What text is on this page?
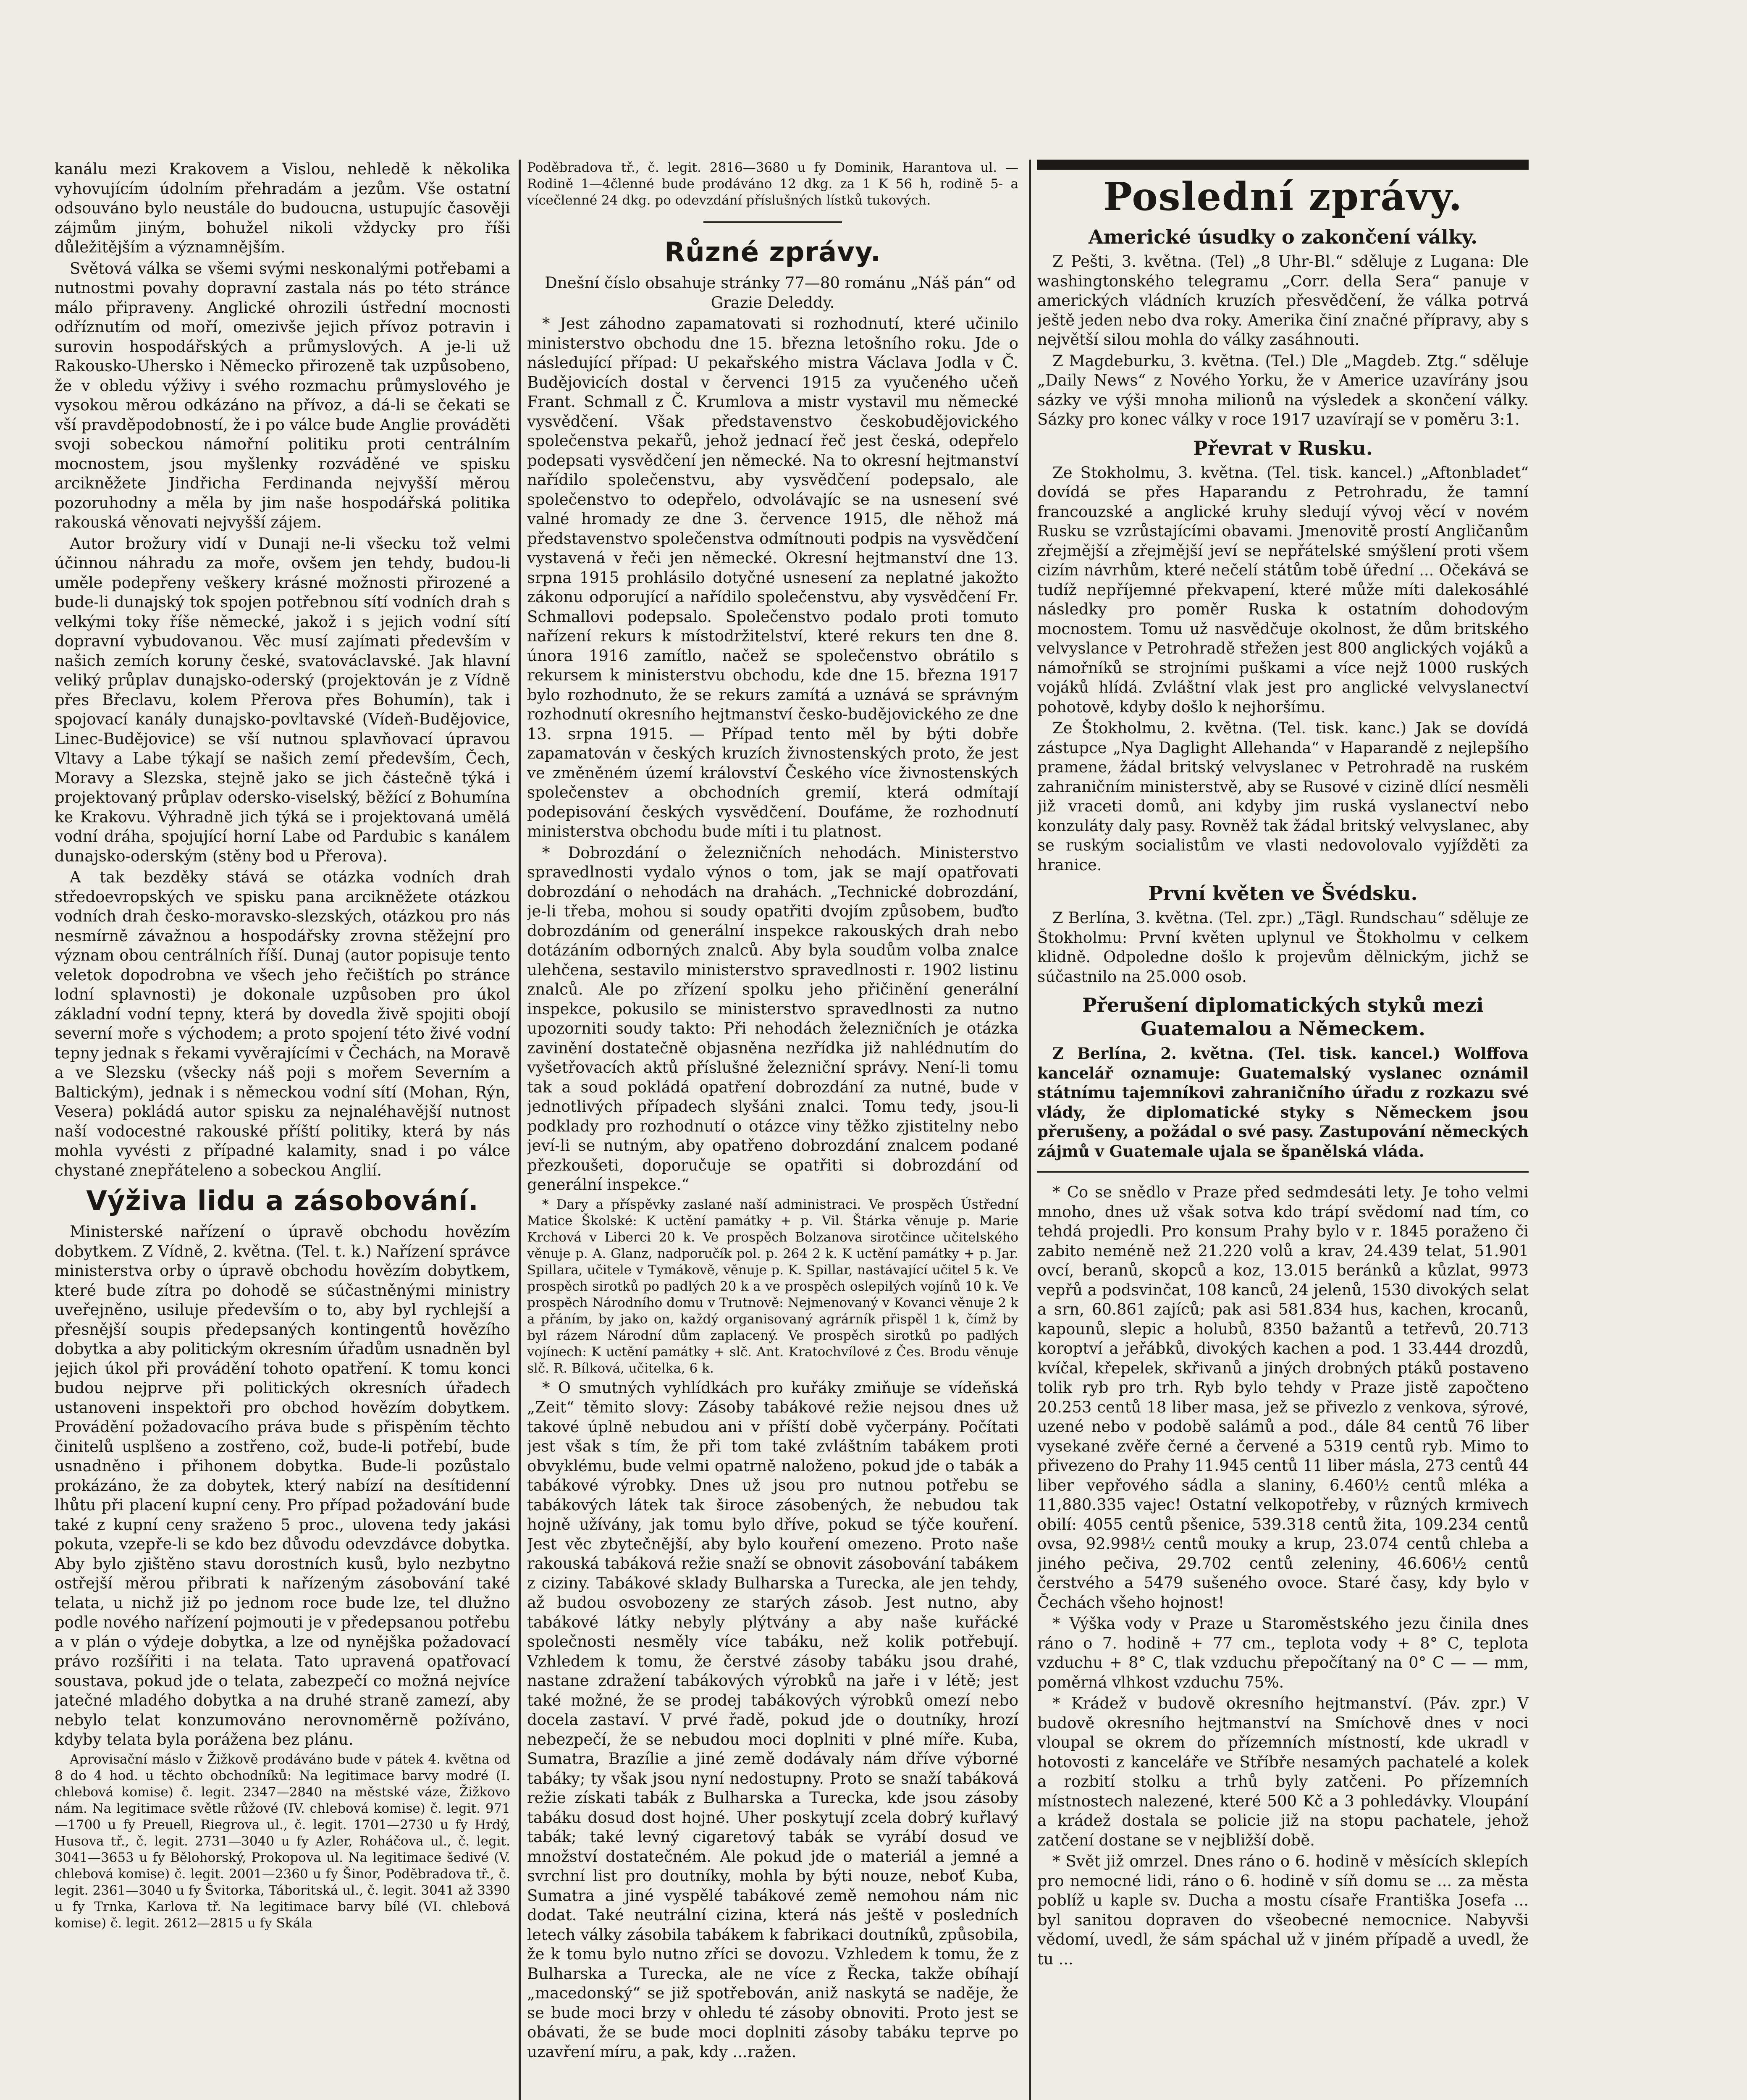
kanálu mezi Krakovem a Vislou, nehledě k několika vyhovujícím údolním přehradám a jezům. Vše ostatní odsouváno bylo neustále do budoucna, ustupujíc časověji zájmům jiným, bohužel nikoli vždycky pro říši důležitějším a významnějším.

Světová válka se všemi svými neskonalými potřebami a nutnostmi povahy dopravní zastala nás po této stránce málo připraveny. Anglické ohrozili ústřední mocnosti odříznutím od moří, omezivše jejich přívoz potravin i surovin hospodářských a průmyslových. A je-li už Rakousko-Uhersko i Německo přirozeně tak uzpůsobeno, že v obledu výživy i svého rozmachu průmyslového je vysokou měrou odkázáno na přívoz, a dá-li se čekati se vší pravděpodobností, že i po válce bude Anglie prováděti svoji sobeckou námořní politiku proti centrálním mocnostem, jsou myšlenky rozváděné ve spisku arcikněžete Jindřicha Ferdinanda nejvyšší měrou pozoruhodny a měla by jim naše hospodářská politika rakouská věnovati nejvyšší zájem.

Autor brožury vidí v Dunaji ne-li všecku tož velmi účinnou náhradu za moře, ovšem jen tehdy, budou-li uměle podepřeny veškery krásné možnosti přirozené a bude-li dunajský tok spojen potřebnou sítí vodních drah s velkými toky říše německé, jakož i s jejich vodní sítí dopravní vybudovanou. Věc musí zajímati především v našich zemích koruny české, svatováclavské. Jak hlavní veliký průplav dunajsko-oderský (projektován je z Vídně přes Břeclavu, kolem Přerova přes Bohumín), tak i spojovací kanály dunajsko-povltavské (Vídeň-Budějovice, Linec-Budějovice) se vší nutnou splavňovací úpravou Vltavy a Labe týkají se našich zemí především, Čech, Moravy a Slezska, stejně jako se jich částečně týká i projektovaný průplav odersko-viselský, běžící z Bohumína ke Krakovu. Výhradně jich týká se i projektovaná umělá vodní dráha, spojující horní Labe od Pardubic s kanálem dunajsko-oderským (stěny bod u Přerova).

A tak bezděky stává se otázka vodních drah středoevropských ve spisku pana arcikněžete otázkou vodních drah česko-moravsko-slezských, otázkou pro nás nesmírně závažnou a hospodářsky zrovna stěžejní pro význam obou centrálních říší. Dunaj (autor popisuje tento veletok dopodrobna ve všech jeho řečištích po stránce lodní splavnosti) je dokonale uzpůsoben pro úkol základní vodní tepny, která by dovedla živě spojiti obojí severní moře s východem; a proto spojení této živé vodní tepny jednak s řekami vyvěrajícími v Čechách, na Moravě a ve Slezsku (všecky náš poji s mořem Severním a Baltickým), jednak i s německou vodní sítí (Mohan, Rýn, Vesera) pokládá autor spisku za nejnaléhavější nutnost naší vodocestné rakouské příští politiky, která by nás mohla vyvésti z případné kalamity, snad i po válce chystané znepřáteleno a sobeckou Anglií.

Výživa lidu a zásobování.

Ministerské nařízení o úpravě obchodu hovězím dobytkem. Z Vídně, 2. května. (Tel. t. k.) Nařízení správce ministerstva orby o úpravě obchodu hovězím dobytkem, které bude zítra po dohodě se súčastněnými ministry uveřejněno, usiluje především o to, aby byl rychlejší a přesnější soupis předepsaných kontingentů hovězího dobytka a aby politickým okresním úřadům usnadněn byl jejich úkol při provádění tohoto opatření. K tomu konci budou nejprve při politických okresních úřadech ustanoveni inspektoři pro obchod hovězím dobytkem. Provádění požadovacího práva bude s přispěním těchto činitelů usplšeno a zostřeno, což, bude-li potřebí, bude usnadněno i přihonem dobytka. Bude-li pozůstalo prokázáno, že za dobytek, který nabízí na desítidenní lhůtu při placení kupní ceny. Pro případ požadování bude také z kupní ceny sraženo 5 proc., ulovena tedy jakási pokuta, vzepře-li se kdo bez důvodu odevzdávce dobytka. Aby bylo zjištěno stavu dorostních kusů, bylo nezbytno ostřejší měrou přibrati k nařízeným zásobování také telata, u nichž již po jednom roce bude lze, tel dlužno podle nového nařízení pojmouti je v předepsanou potřebu a v plán o výdeje dobytka, a lze od nynějška požadovací právo rozšířiti i na telata. Tato upravená opatřovací soustava, pokud jde o telata, zabezpečí co možná nejvíce jatečné mladého dobytka a na druhé straně zamezí, aby nebylo telat konzumováno nerovnoměrně požíváno, kdyby telata byla porážena bez plánu.

Aprovisační máslo v Žižkově prodáváno bude v pátek 4. května od 8 do 4 hod. u těchto obchodníků: Na legitimace barvy modré (I. chlebová komise) č. legit. 2347—2840 na městské váze, Žižkovo nám. Na legitimace světle růžové (IV. chlebová komise) č. legit. 971—1700 u fy Preuell, Riegrova ul., č. legit. 1701—2730 u fy Hrdý, Husova tř., č. legit. 2731—3040 u fy Azler, Roháčova ul., č. legit. 3041—3653 u fy Bělohorský, Prokopova ul. Na legitimace šedivé (V. chlebová komise) č. legit. 2001—2360 u fy Šinor, Poděbradova tř., č. legit. 2361—3040 u fy Švitorka, Táboritská ul., č. legit. 3041 až 3390 u fy Trnka, Karlova tř. Na legitimace barvy bílé (VI. chlebová komise) č. legit. 2612—2815 u fy Skála

Poděbradova tř., č. legit. 2816—3680 u fy Dominik, Harantova ul. — Rodině 1—4členné bude prodáváno 12 dkg. za 1 K 56 h, rodině 5- a vícečlenné 24 dkg. po odevzdání příslušných lístků tukových.

Různé zprávy.

Dnešní číslo obsahuje stránky 77—80 románu „Náš pán“ od Grazie Deleddy.

* Jest záhodno zapamatovati si rozhodnutí, které učinilo ministerstvo obchodu dne 15. března letošního roku. Jde o následující případ: U pekařského mistra Václava Jodla v Č. Budějovicích dostal v červenci 1915 za vyučeného učeň Frant. Schmall z Č. Krumlova a mistr vystavil mu německé vysvědčení. Však představenstvo českobudějovického společenstva pekařů, jehož jednací řeč jest česká, odepřelo podepsati vysvědčení jen německé. Na to okresní hejtmanství nařídilo společenstvu, aby vysvědčení podepsalo, ale společenstvo to odepřelo, odvolávajíc se na usnesení své valné hromady ze dne 3. července 1915, dle něhož má představenstvo společenstva odmítnouti podpis na vysvědčení vystavená v řeči jen německé. Okresní hejtmanství dne 13. srpna 1915 prohlásilo dotyčné usnesení za neplatné jakožto zákonu odporující a nařídilo společenstvu, aby vysvědčení Fr. Schmallovi podepsalo. Společenstvo podalo proti tomuto nařízení rekurs k místodržitelství, které rekurs ten dne 8. února 1916 zamítlo, načež se společenstvo obrátilo s rekursem k ministerstvu obchodu, kde dne 15. března 1917 bylo rozhodnuto, že se rekurs zamítá a uznává se správným rozhodnutí okresního hejtmanství česko-budějovického ze dne 13. srpna 1915. — Případ tento měl by býti dobře zapamatován v českých kruzích živnostenských proto, že jest ve změněném území království Českého více živnostenských společenstev a obchodních gremií, která odmítají podepisování českých vysvědčení. Doufáme, že rozhodnutí ministerstva obchodu bude míti i tu platnost.

* Dobrozdání o železničních nehodách. Ministerstvo spravedlnosti vydalo výnos o tom, jak se mají opatřovati dobrozdání o nehodách na drahách. „Technické dobrozdání, je-li třeba, mohou si soudy opatřiti dvojím způsobem, buďto dobrozdáním od generální inspekce rakouských drah nebo dotázáním odborných znalců. Aby byla soudům volba znalce ulehčena, sestavilo ministerstvo spravedlnosti r. 1902 listinu znalců. Ale po zřízení spolku jeho přičinění generální inspekce, pokusilo se ministerstvo spravedlnosti za nutno upozorniti soudy takto: Při nehodách železničních je otázka zavinění dostatečně objasněna nezřídka již nahlédnutím do vyšetřovacích aktů příslušné železniční správy. Není-li tomu tak a soud pokládá opatření dobrozdání za nutné, bude v jednotlivých případech slyšáni znalci. Tomu tedy, jsou-li podklady pro rozhodnutí o otázce viny těžko zjistitelny nebo jeví-li se nutným, aby opatřeno dobrozdání znalcem podané přezkoušeti, doporučuje se opatřiti si dobrozdání od generální inspekce.“

* Dary a příspěvky zaslané naší administraci. Ve prospěch Ústřední Matice Školské: K uctění památky + p. Vil. Štárka věnuje p. Marie Krchová v Liberci 20 k. Ve prospěch Bolzanova sirotčince učitelského věnuje p. A. Glanz, nadporučík pol. p. 264 2 k. K uctění památky + p. Jar. Spillara, učitele v Tymákově, věnuje p. K. Spillar, nastávající učitel 5 k. Ve prospěch sirotků po padlých 20 k a ve prospěch oslepilých vojínů 10 k. Ve prospěch Národního domu v Trutnově: Nejmenovaný v Kovanci věnuje 2 k a přáním, by jako on, každý organisovaný agrárník přispěl 1 k, čímž by byl rázem Národní dům zaplacený. Ve prospěch sirotků po padlých vojínech: K uctění památky + slč. Ant. Kratochvílové z Čes. Brodu věnuje slč. R. Bílková, učitelka, 6 k.

* O smutných vyhlídkách pro kuřáky zmiňuje se vídeňská „Zeit“ těmito slovy: Zásoby tabákové režie nejsou dnes už takové úplně nebudou ani v příští době vyčerpány. Počítati jest však s tím, že při tom také zvláštním tabákem proti obvyklému, bude velmi opatrně naloženo, pokud jde o tabák a tabákové výrobky. Dnes už jsou pro nutnou potřebu se tabákových látek tak široce zásobených, že nebudou tak hojně užívány, jak tomu bylo dříve, pokud se týče kouření. Jest věc zbytečnější, aby bylo kouření omezeno. Proto naše rakouská tabáková režie snaží se obnovit zásobování tabákem z ciziny. Tabákové sklady Bulharska a Turecka, ale jen tehdy, až budou osvobozeny ze starých zásob. Jest nutno, aby tabákové látky nebyly plýtvány a aby naše kuřácké společnosti nesměly více tabáku, než kolik potřebují. Vzhledem k tomu, že čerstvé zásoby tabáku jsou drahé, nastane zdražení tabákových výrobků na jaře i v létě; jest také možné, že se prodej tabákových výrobků omezí nebo docela zastaví. V prvé řadě, pokud jde o doutníky, hrozí nebezpečí, že se nebudou moci doplniti v plné míře. Kuba, Sumatra, Brazílie a jiné země dodávaly nám dříve výborné tabáky; ty však jsou nyní nedostupny. Proto se snaží tabáková režie získati tabák z Bulharska a Turecka, kde jsou zásoby tabáku dosud dost hojné. Uher poskytují zcela dobrý kuřlavý tabák; také levný cigaretový tabák se vyrábí dosud ve množství dostatečném. Ale pokud jde o materiál a jemné a svrchní list pro doutníky, mohla by býti nouze, neboť Kuba, Sumatra a jiné vyspělé tabákové země nemohou nám nic dodat. Také neutrální cizina, která nás ještě v posledních letech války zásobila tabákem k fabrikaci doutníků, způsobila, že k tomu bylo nutno zříci se dovozu. Vzhledem k tomu, že z Bulharska a Turecka, ale ne více z Řecka, takže obíhají „macedonský“ se již spotřebován, aniž naskytá se naděje, že se bude moci brzy v ohledu té zásoby obnoviti. Proto jest se obávati, že se bude moci doplniti zásoby tabáku teprve po uzavření míru, a pak, kdy ...ražen.

Poslední zprávy.
Americké úsudky o zakončení války.

Z Pešti, 3. května. (Tel) „8 Uhr-Bl.“ sděluje z Lugana: Dle washingtonského telegramu „Corr. della Sera“ panuje v amerických vládních kruzích přesvědčení, že válka potrvá ještě jeden nebo dva roky. Amerika činí značné přípravy, aby s největší silou mohla do války zasáhnouti.

Z Magdeburku, 3. května. (Tel.) Dle „Magdeb. Ztg.“ sděluje „Daily News“ z Nového Yorku, že v Americe uzavírány jsou sázky ve výši mnoha milionů na výsledek a skončení války. Sázky pro konec války v roce 1917 uzavírají se v poměru 3:1.

Převrat v Rusku.

Ze Stokholmu, 3. května. (Tel. tisk. kancel.) „Aftonbladet“ dovídá se přes Haparandu z Petrohradu, že tamní francouzské a anglické kruhy sledují vývoj věcí v novém Rusku se vzrůstajícími obavami. Jmenovitě prostí Angličanům zřejmější a zřejmější jeví se nepřátelské smýšlení proti všem cizím návrhům, které nečelí státům tobě úřední ... Očekává se tudíž nepříjemné překvapení, které může míti dalekosáhlé následky pro poměr Ruska k ostatním dohodovým mocnostem. Tomu už nasvědčuje okolnost, že dům britského velvyslance v Petrohradě střežen jest 800 anglických vojáků a námořníků se strojními puškami a více nejž 1000 ruských vojáků hlídá. Zvláštní vlak jest pro anglické velvyslanectví pohotově, kdyby došlo k nejhoršímu.

Ze Štokholmu, 2. května. (Tel. tisk. kanc.) Jak se dovídá zástupce „Nya Daglight Allehanda“ v Haparandě z nejlepšího pramene, žádal britský velvyslanec v Petrohradě na ruském zahraničním ministerstvě, aby se Rusové v cizině dlící nesměli již vraceti domů, ani kdyby jim ruská vyslanectví nebo konzuláty daly pasy. Rovněž tak žádal britský velvyslanec, aby se ruským socialistům ve vlasti nedovolovalo vyjížděti za hranice.

První květen ve Švédsku.

Z Berlína, 3. května. (Tel. zpr.) „Tägl. Rundschau“ sděluje ze Štokholmu: První květen uplynul ve Štokholmu v celkem klidně. Odpoledne došlo k projevům dělnickým, jichž se súčastnilo na 25.000 osob.

Přerušení diplomatických styků mezi Guatemalou a Německem.

Z Berlína, 2. května. (Tel. tisk. kancel.) Wolffova kancelář oznamuje: Guatemalský vyslanec oznámil státnímu tajemníkovi zahraničního úřadu z rozkazu své vlády, že diplomatické styky s Německem jsou přerušeny, a požádal o své pasy. Zastupování německých zájmů v Guatemale ujala se španělská vláda.

* Co se snědlo v Praze před sedmdesáti lety. Je toho velmi mnoho, dnes už však sotva kdo trápí svědomí nad tím, co tehdá projedli. Pro konsum Prahy bylo v r. 1845 poraženo či zabito neméně než 21.220 volů a krav, 24.439 telat, 51.901 ovcí, beranů, skopců a koz, 13.015 beránků a kůzlat, 9973 vepřů a podsvinčat, 108 kanců, 24 jelenů, 1530 divokých selat a srn, 60.861 zajíců; pak asi 581.834 hus, kachen, krocanů, kapounů, slepic a holubů, 8350 bažantů a tetřevů, 20.713 koroptví a jeřábků, divokých kachen a pod. 1 33.444 drozdů, kvíčal, křepelek, skřivanů a jiných drobných ptáků postaveno tolik ryb pro trh. Ryb bylo tehdy v Praze jistě započteno 20.253 centů 18 liber masa, jež se přivezlo z venkova, sýrové, uzené nebo v podobě salámů a pod., dále 84 centů 76 liber vysekané zvěře černé a červené a 5319 centů ryb. Mimo to přivezeno do Prahy 11.945 centů 11 liber másla, 273 centů 44 liber vepřového sádla a slaniny, 6.460½ centů mléka a 11,880.335 vajec! Ostatní velkopotřeby, v různých krmivech obilí: 4055 centů pšenice, 539.318 centů žita, 109.234 centů ovsa, 92.998½ centů mouky a krup, 23.074 centů chleba a jiného pečiva, 29.702 centů zeleniny, 46.606½ centů čerstvého a 5479 sušeného ovoce. Staré časy, kdy bylo v Čechách všeho hojnost!

* Výška vody v Praze u Staroměstského jezu činila dnes ráno o 7. hodině + 77 cm., teplota vody + 8° C, teplota vzduchu + 8° C, tlak vzduchu přepočítaný na 0° C — — mm, poměrná vlhkost vzduchu 75%.

* Krádež v budově okresního hejtmanství. (Páv. zpr.) V budově okresního hejtmanství na Smíchově dnes v noci vloupal se okrem do přízemních místností, kde ukradl v hotovosti z kanceláře ve Stříbře nesamých pachatelé a kolek a rozbití stolku a trhů byly zatčeni. Po přízemních místnostech nalezené, které 500 Kč a 3 pohledávky. Vloupání a krádež dostala se policie již na stopu pachatele, jehož zatčení dostane se v nejbližší době.

* Svět již omrzel. Dnes ráno o 6. hodině v měsících sklepích pro nemocné lidi, ráno o 6. hodině v síň domu se ... za města poblíž u kaple sv. Ducha a mostu císaře Františka Josefa ... byl sanitou dopraven do všeobecné nemocnice. Nabyvši vědomí, uvedl, že sám spáchal už v jiném případě a uvedl, že tu ...
